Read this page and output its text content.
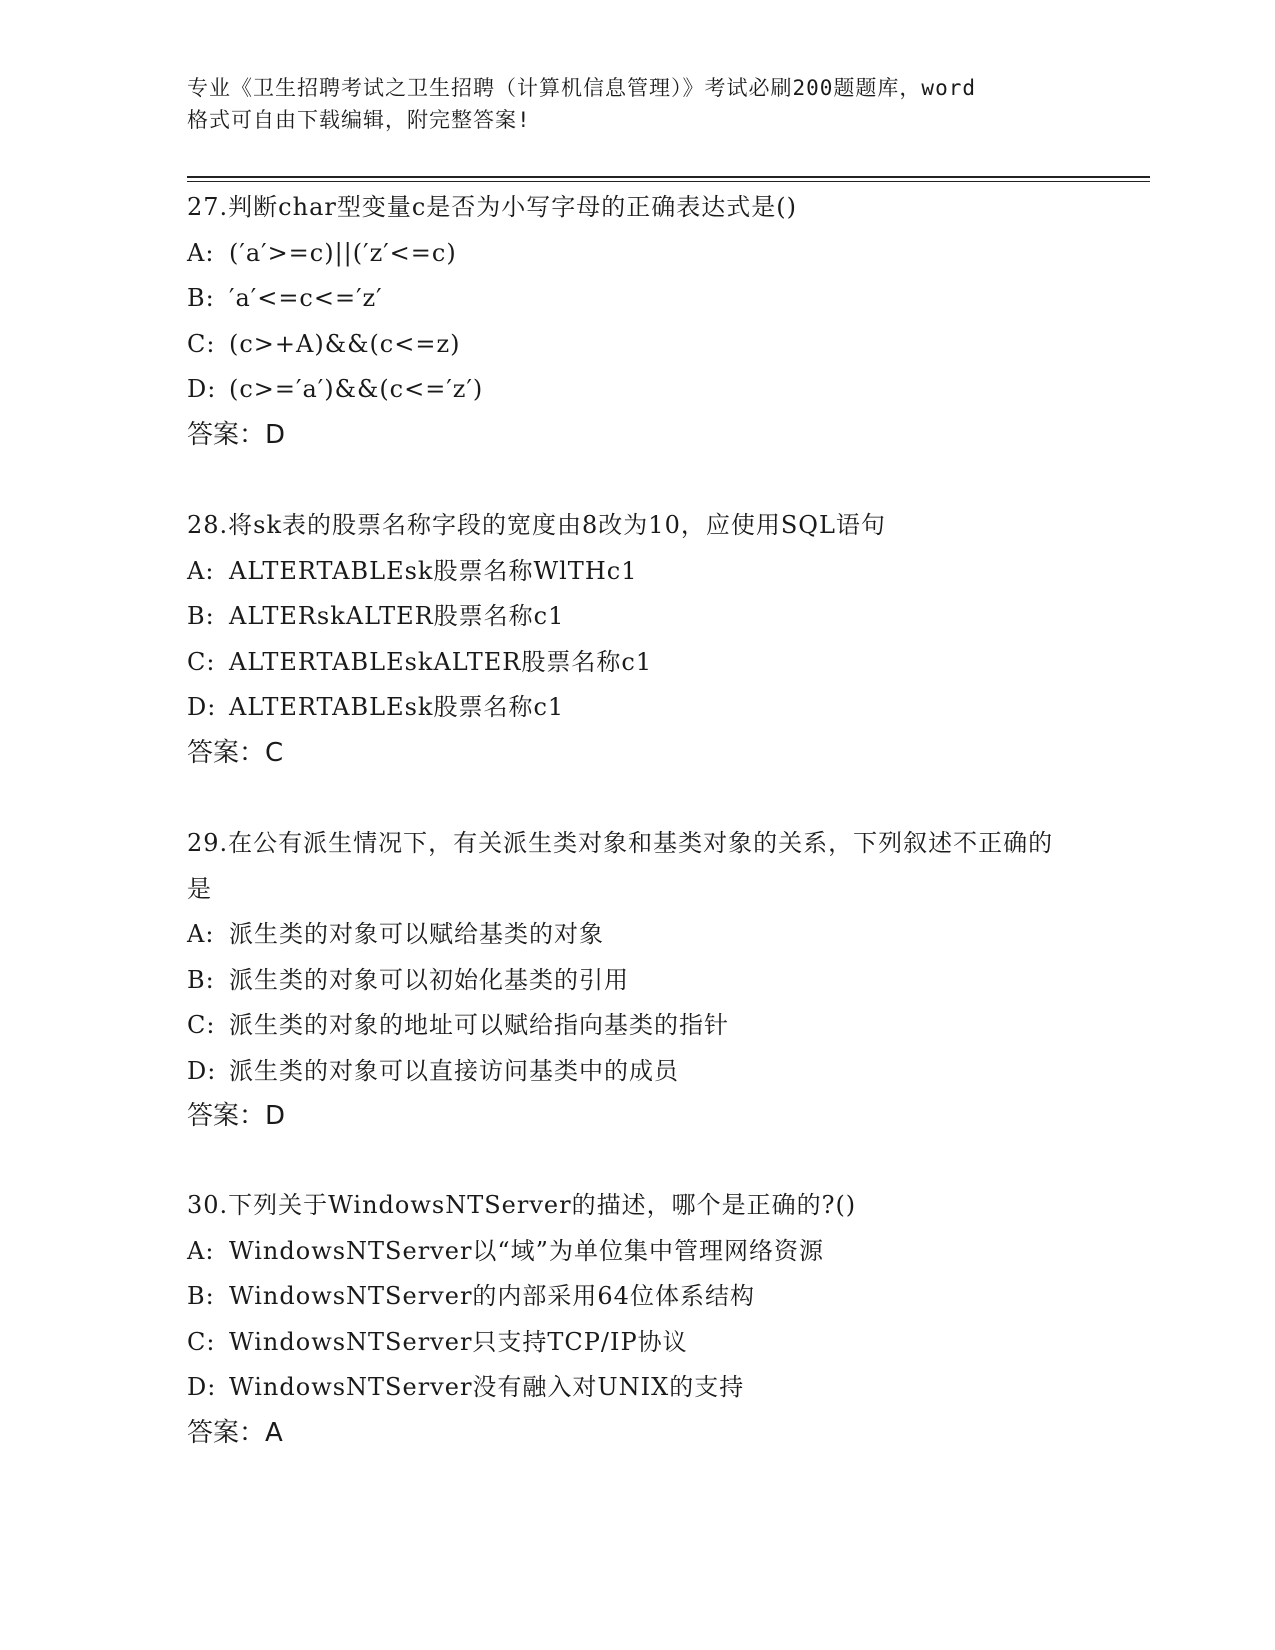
专业《卫生招聘考试之卫生招聘（计算机信息管理）》考试必刷200题题库，word
格式可自由下载编辑，附完整答案!
27.判断char型变量c是否为小写字母的正确表达式是()
A: (′a′>=c)||(′z′<=c)
B: ′a′<=c<=′z′
C: (c>+A)&&(c<=z)
D: (c>=′a′)&&(c<=′z′)
答案：D
28.将sk表的股票名称字段的宽度由8改为10，应使用SQL语句
A: ALTERTABLEsk股票名称WlTHc1
B: ALTERskALTER股票名称c1
C: ALTERTABLEskALTER股票名称c1
D: ALTERTABLEsk股票名称c1
答案：C
29.在公有派生情况下，有关派生类对象和基类对象的关系，下列叙述不正确的是
A: 派生类的对象可以赋给基类的对象
B: 派生类的对象可以初始化基类的引用
C: 派生类的对象的地址可以赋给指向基类的指针
D: 派生类的对象可以直接访问基类中的成员
答案：D
30.下列关于WindowsNTServer的描述，哪个是正确的?()
A: WindowsNTServer以“域”为单位集中管理网络资源
B: WindowsNTServer的内部采用64位体系结构
C: WindowsNTServer只支持TCP/IP协议
D: WindowsNTServer没有融入对UNIX的支持
答案：A
